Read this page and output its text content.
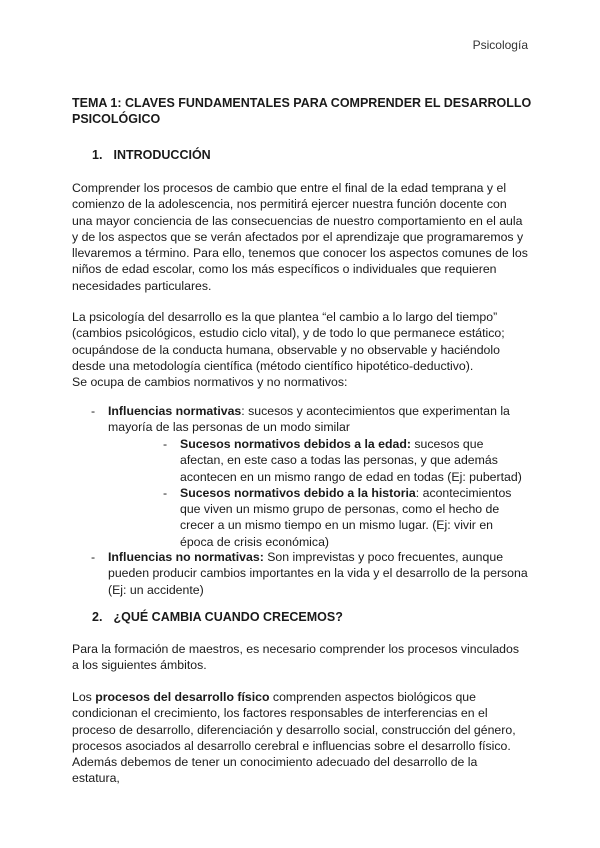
Psicología
TEMA 1: CLAVES FUNDAMENTALES PARA COMPRENDER EL DESARROLLO PSICOLÓGICO
1. INTRODUCCIÓN

Comprender los procesos de cambio que entre el final de la edad temprana y el comienzo de la adolescencia, nos permitirá ejercer nuestra función docente con una mayor conciencia de las consecuencias de nuestro comportamiento en el aula y de los aspectos que se verán afectados por el aprendizaje que programaremos y llevaremos a término. Para ello, tenemos que conocer los aspectos comunes de los niños de edad escolar, como los más específicos o individuales que requieren necesidades particulares.

La psicología del desarrollo es la que plantea “el cambio a lo largo del tiempo” (cambios psicológicos, estudio ciclo vital), y de todo lo que permanece estático; ocupándose de la conducta humana, observable y no observable y haciéndolo desde una metodología científica (método científico hipotético-deductivo).

Se ocupa de cambios normativos y no normativos:

- Influencias normativas: sucesos y acontecimientos que experimentan la mayoría de las personas de un modo similar
- Sucesos normativos debidos a la edad: sucesos que afectan, en este caso a todas las personas, y que además acontecen en un mismo rango de edad en todas (Ej: pubertad)
- Sucesos normativos debido a la historia: acontecimientos que viven un mismo grupo de personas, como el hecho de crecer a un mismo tiempo en un mismo lugar. (Ej: vivir en época de crisis económica)
- Influencias no normativas: Son imprevistas y poco frecuentes, aunque pueden producir cambios importantes en la vida y el desarrollo de la persona (Ej: un accidente)
2. ¿QUÉ CAMBIA CUANDO CRECEMOS?

Para la formación de maestros, es necesario comprender los procesos vinculados a los siguientes ámbitos.

Los procesos del desarrollo físico comprenden aspectos biológicos que condicionan el crecimiento, los factores responsables de interferencias en el proceso de desarrollo, diferenciación y desarrollo social, construcción del género, procesos asociados al desarrollo cerebral e influencias sobre el desarrollo físico. Además debemos de tener un conocimiento adecuado del desarrollo de la estatura,
